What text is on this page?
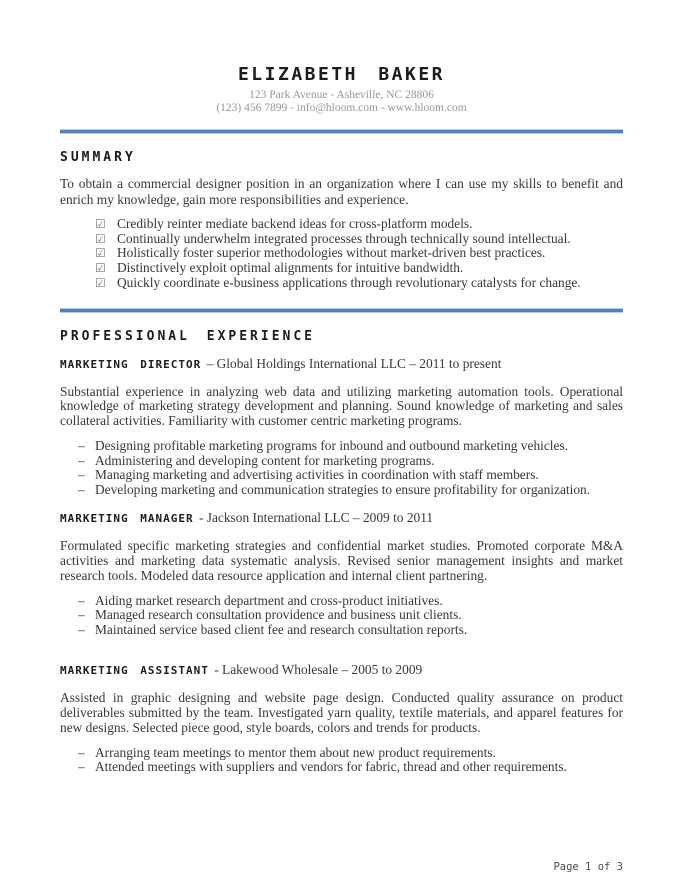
ELIZABETH BAKER
123 Park Avenue - Asheville, NC 28806
(123) 456 7899 - info@hloom.com - www.hloom.com
SUMMARY
To obtain a commercial designer position in an organization where I can use my skills to benefit and enrich my knowledge, gain more responsibilities and experience.
☑ Credibly reinter mediate backend ideas for cross-platform models.
☑ Continually underwhelm integrated processes through technically sound intellectual.
☑ Holistically foster superior methodologies without market-driven best practices.
☑ Distinctively exploit optimal alignments for intuitive bandwidth.
☑ Quickly coordinate e-business applications through revolutionary catalysts for change.
PROFESSIONAL EXPERIENCE
MARKETING DIRECTOR – Global Holdings International LLC – 2011 to present
Substantial experience in analyzing web data and utilizing marketing automation tools. Operational knowledge of marketing strategy development and planning. Sound knowledge of marketing and sales collateral activities. Familiarity with customer centric marketing programs.
– Designing profitable marketing programs for inbound and outbound marketing vehicles.
– Administering and developing content for marketing programs.
– Managing marketing and advertising activities in coordination with staff members.
– Developing marketing and communication strategies to ensure profitability for organization.
MARKETING MANAGER - Jackson International LLC – 2009 to 2011
Formulated specific marketing strategies and confidential market studies. Promoted corporate M&A activities and marketing data systematic analysis. Revised senior management insights and market research tools. Modeled data resource application and internal client partnering.
– Aiding market research department and cross-product initiatives.
– Managed research consultation providence and business unit clients.
– Maintained service based client fee and research consultation reports.
MARKETING ASSISTANT - Lakewood Wholesale – 2005 to 2009
Assisted in graphic designing and website page design. Conducted quality assurance on product deliverables submitted by the team. Investigated yarn quality, textile materials, and apparel features for new designs. Selected piece good, style boards, colors and trends for products.
– Arranging team meetings to mentor them about new product requirements.
– Attended meetings with suppliers and vendors for fabric, thread and other requirements.
Page 1 of 3
